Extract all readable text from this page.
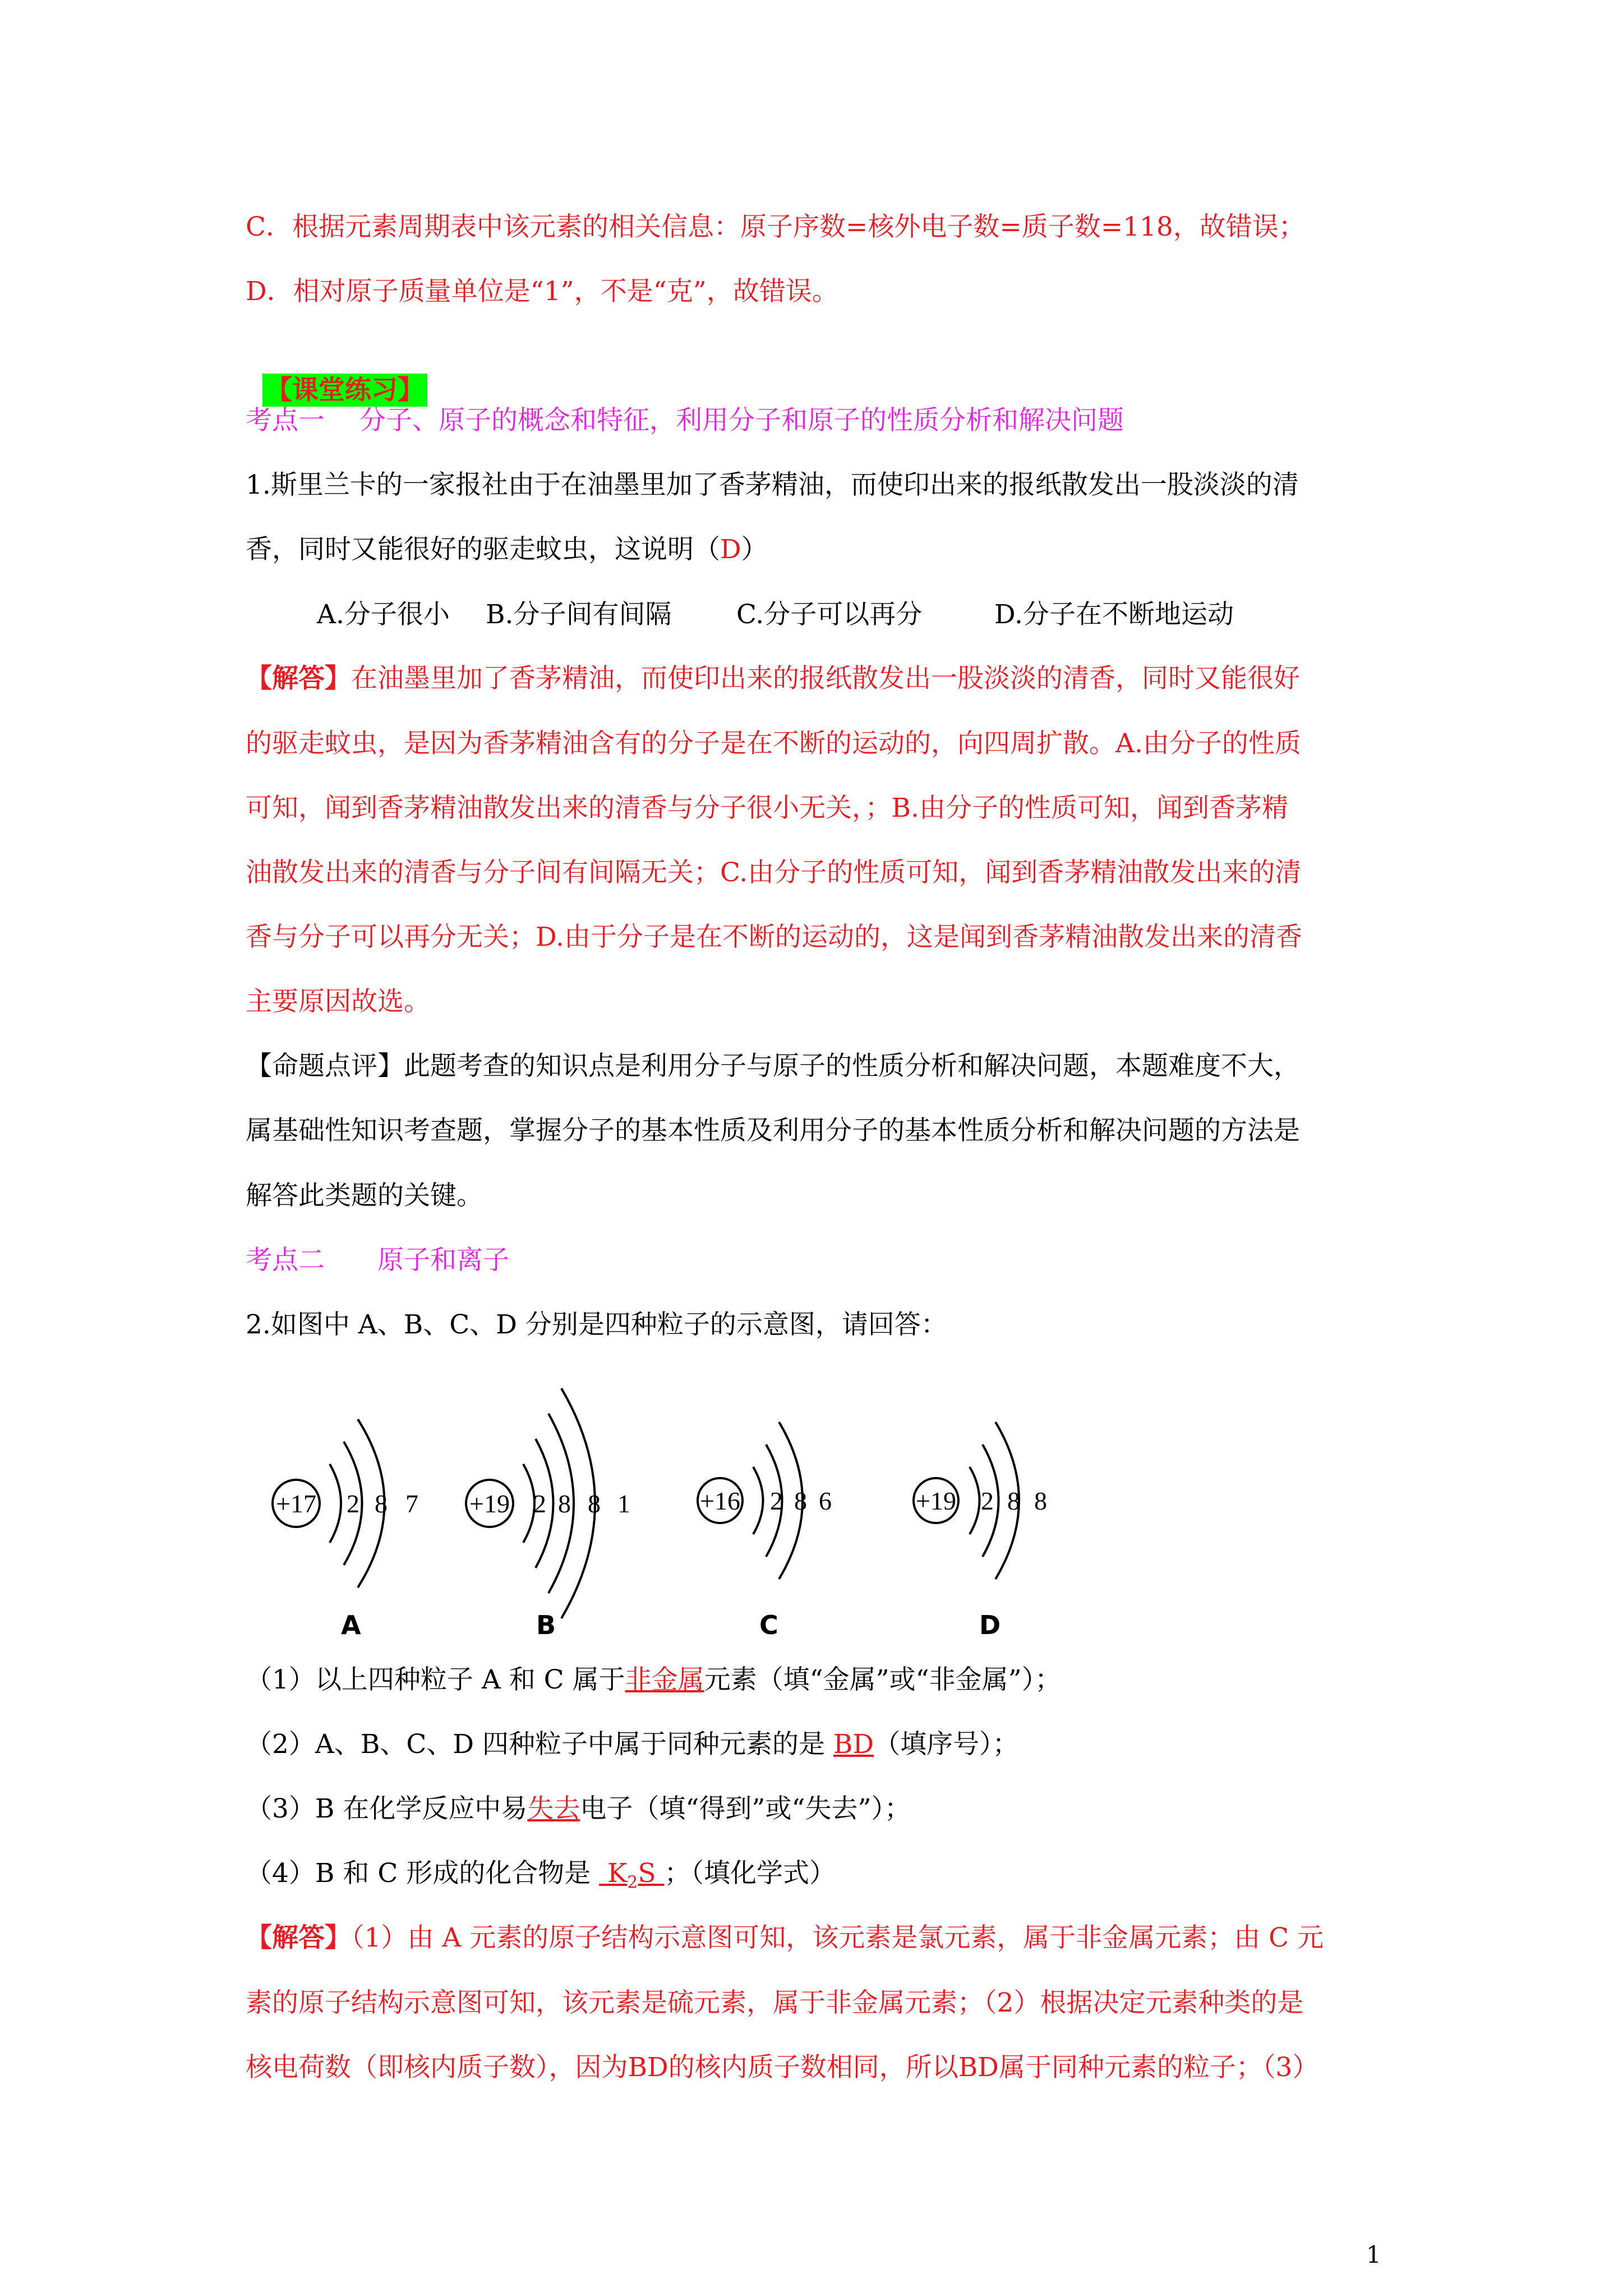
C．根据元素周期表中该元素的相关信息：原子序数=核外电子数=质子数=118，故错误；
D．相对原子质量单位是“1”，不是“克”，故错误。

【课堂练习】

考点一　 分子、原子的概念和特征，利用分子和原子的性质分析和解决问题
1.斯里兰卡的一家报社由于在油墨里加了香茅精油，而使印出来的报纸散发出一股淡淡的清
香，同时又能很好的驱走蚊虫，这说明（D）
A.分子很小 B.分子间有间隔 C.分子可以再分	D.分子在不断地运动
【解答】在油墨里加了香茅精油，而使印出来的报纸散发出一股淡淡的清香，同时又能很好
的驱走蚊虫，是因为香茅精油含有的分子是在不断的运动的，向四周扩散。A.由分子的性质
可知，闻到香茅精油散发出来的清香与分子很小无关，；B.由分子的性质可知，闻到香茅精
油散发出来的清香与分子间有间隔无关；C.由分子的性质可知，闻到香茅精油散发出来的清
香与分子可以再分无关；D.由于分子是在不断的运动的，这是闻到香茅精油散发出来的清香
主要原因故选。
【命题点评】此题考查的知识点是利用分子与原子的性质分析和解决问题，本题难度不大，
属基础性知识考查题，掌握分子的基本性质及利用分子的基本性质分析和解决问题的方法是
解答此类题的关键。
考点二　　原子和离子
2.如图中 A、B、C、D 分别是四种粒子的示意图，请回答：
+17 2 8 7 +19 2 8 8 1	+16 2 8 6	+19 2 8 8
A	B	C	D
（1）以上四种粒子 A 和 C 属于非金属元素（填“金属”或“非金属”）；
（2）A、B、C、D 四种粒子中属于同种元素的是 BD（填序号）；
（3）B 在化学反应中易失去电子（填“得到”或“失去”）；
（4）B 和 C 形成的化合物是  $K_2S$ ；（填化学式）
【解答】（1）由 A 元素的原子结构示意图可知，该元素是氯元素，属于非金属元素；由 C 元
素的原子结构示意图可知，该元素是硫元素，属于非金属元素；（2）根据决定元素种类的是
核电荷数（即核内质子数），因为BD的核内质子数相同，所以BD属于同种元素的粒子；（3）
1
